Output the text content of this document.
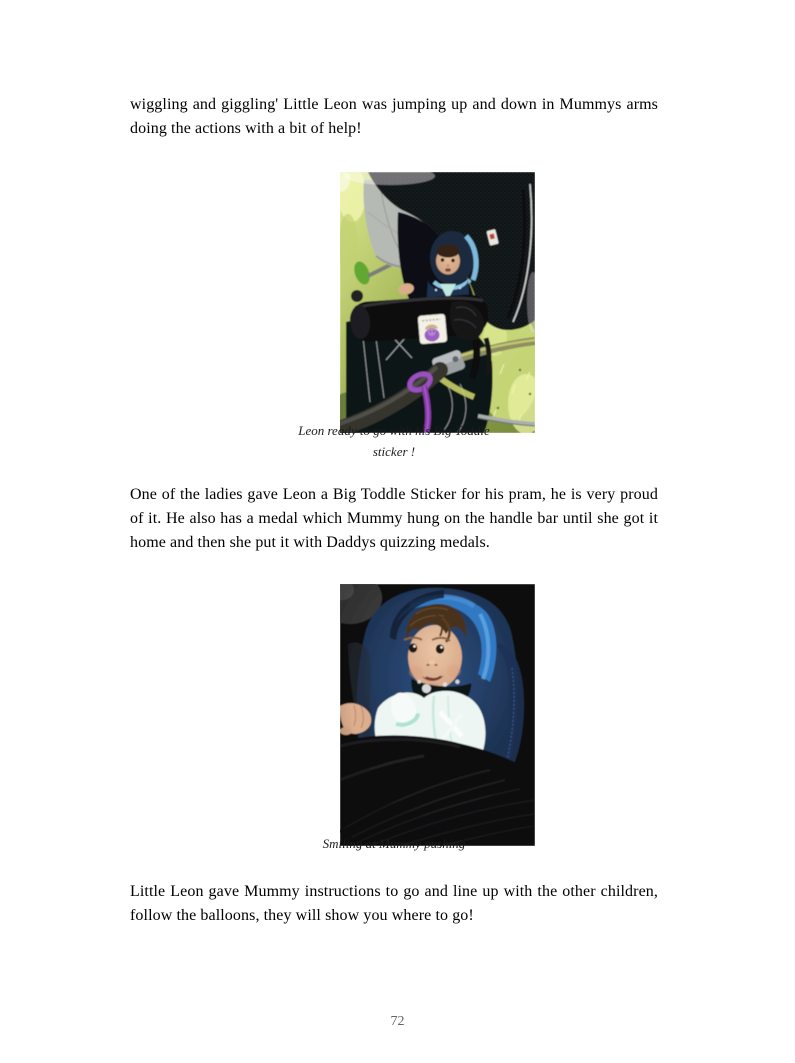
wiggling and giggling' Little Leon was jumping up and down in Mummys arms doing the actions with a bit of help!

Leon ready to go with his Big Toddle sticker !

One of the ladies gave Leon a Big Toddle Sticker for his pram, he is very proud of it. He also has a medal which Mummy hung on the handle bar until she got it home and then she put it with Daddys quizzing medals.

Smiling at Mummy pushing

Little Leon gave Mummy instructions to go and line up with the other children, follow the balloons, they will show you where to go!

72
